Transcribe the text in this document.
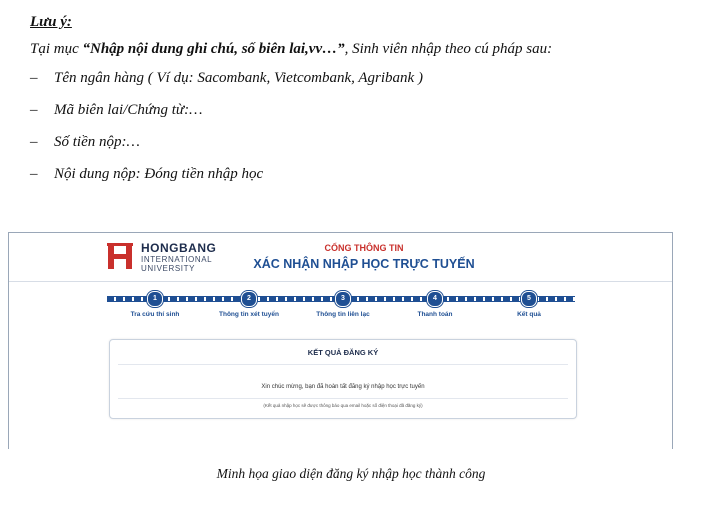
Lưu ý:

Tại mục “Nhập nội dung ghi chú, số biên lai,vv…”, Sinh viên nhập theo cú pháp sau:

– Tên ngân hàng ( Ví dụ: Sacombank, Vietcombank, Agribank )
– Mã biên lai/Chứng từ:…
– Số tiền nộp:…
– Nội dung nộp: Đóng tiền nhập học
HONGBANG
INTERNATIONAL
UNIVERSITY
CỔNG THÔNG TIN
XÁC NHẬN NHẬP HỌC TRỰC TUYẾN
1
Tra cứu thí sinh
2
Thông tin xét tuyển
3
Thông tin liên lạc
4
Thanh toán
5
Kết quả
KẾT QUẢ ĐĂNG KÝ
Xin chúc mừng, bạn đã hoàn tất đăng ký nhập học trực tuyến
(Kết quả nhập học sẽ được thông báo qua email hoặc số điện thoại đã đăng ký)
Minh họa giao diện đăng ký nhập học thành công
